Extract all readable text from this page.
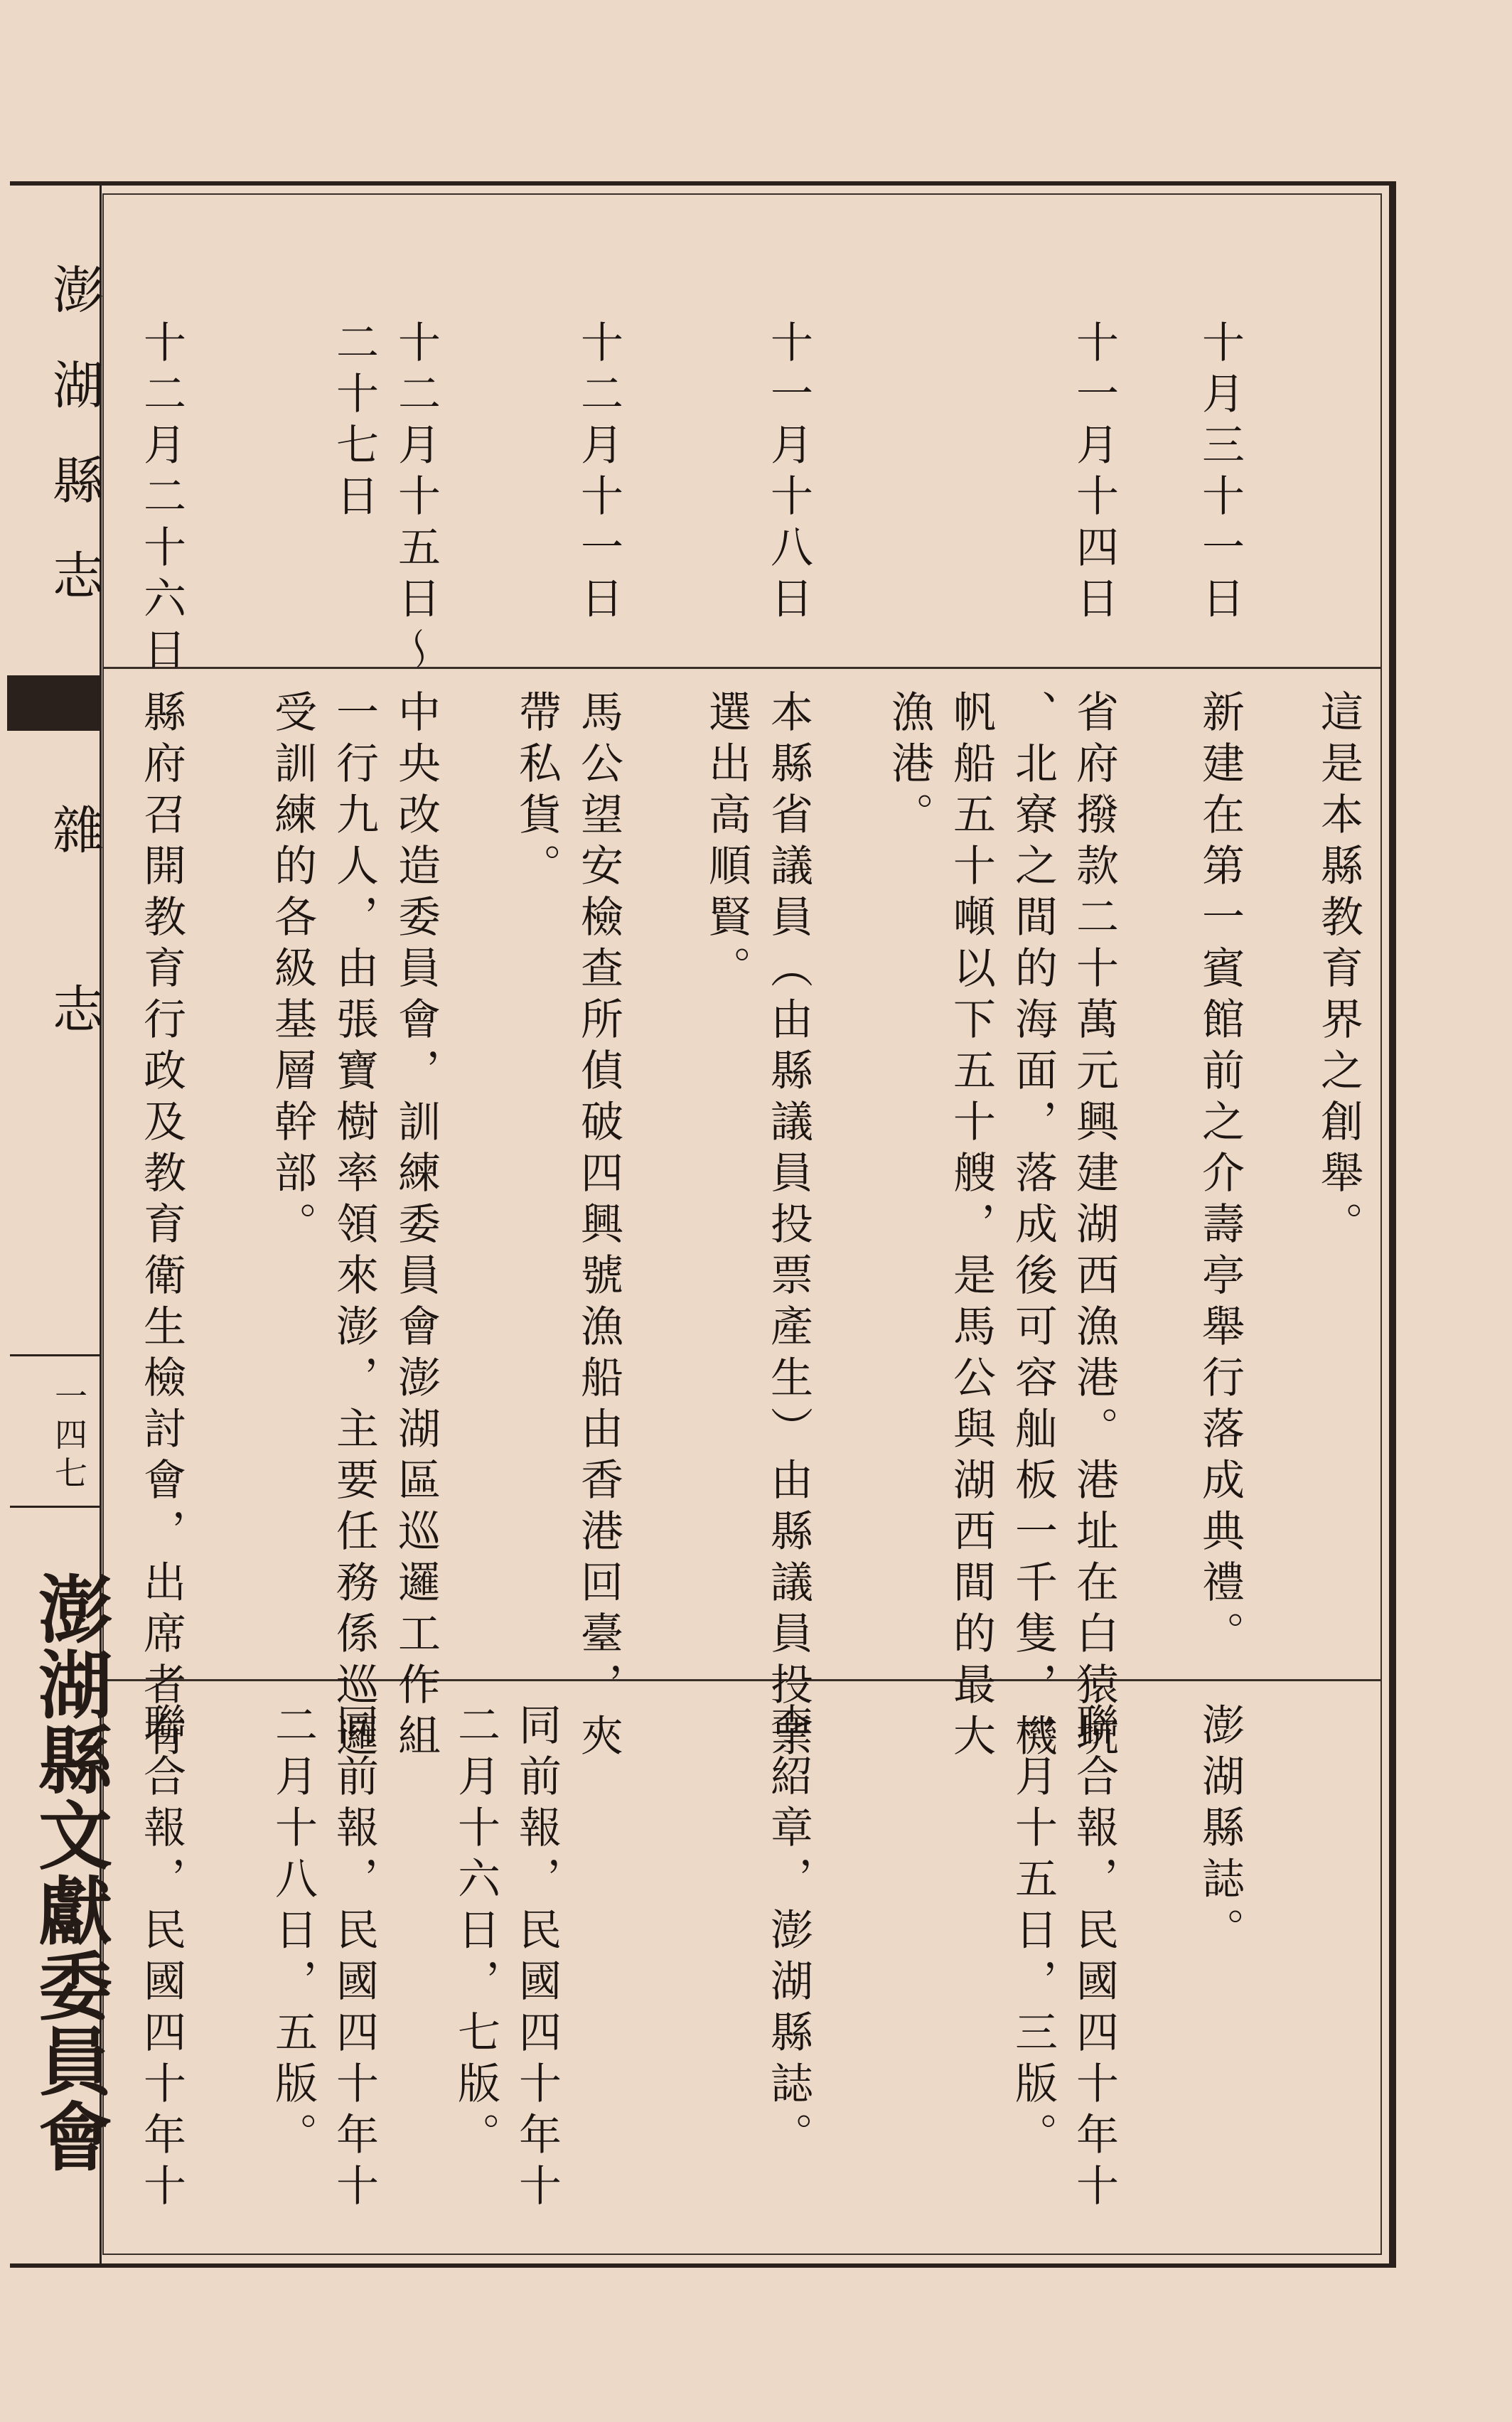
澎湖縣志
雜志
一四七
澎湖縣文獻委員會
這是本縣教育界之創舉。
澎湖縣誌。
十月三十一日
新建在第一賓館前之介壽亭舉行落成典禮。
十一月十四日
省府撥款二十萬元興建湖西漁港。港址在白猿坑
、北寮之間的海面，落成後可容舢板一千隻，機
帆船五十噸以下五十艘，是馬公與湖西間的最大
漁港。
聯合報，民國四十年十
一月十五日，三版。
十一月十八日
本縣省議員（由縣議員投票產生）由縣議員投票
選出高順賢。
李紹章，澎湖縣誌。
十二月十一日
馬公望安檢查所偵破四興號漁船由香港回臺，夾
帶私貨。
同前報，民國四十年十
二月十六日，七版。
十二月十五日～
二十七日
中央改造委員會，訓練委員會澎湖區巡邏工作組
一行九人，由張寶樹率領來澎，主要任務係巡邏
受訓練的各級基層幹部。
同前報，民國四十年十
二月十八日，五版。
十二月二十六日
縣府召開教育行政及教育衛生檢討會，出席者有
聯合報，民國四十年十
